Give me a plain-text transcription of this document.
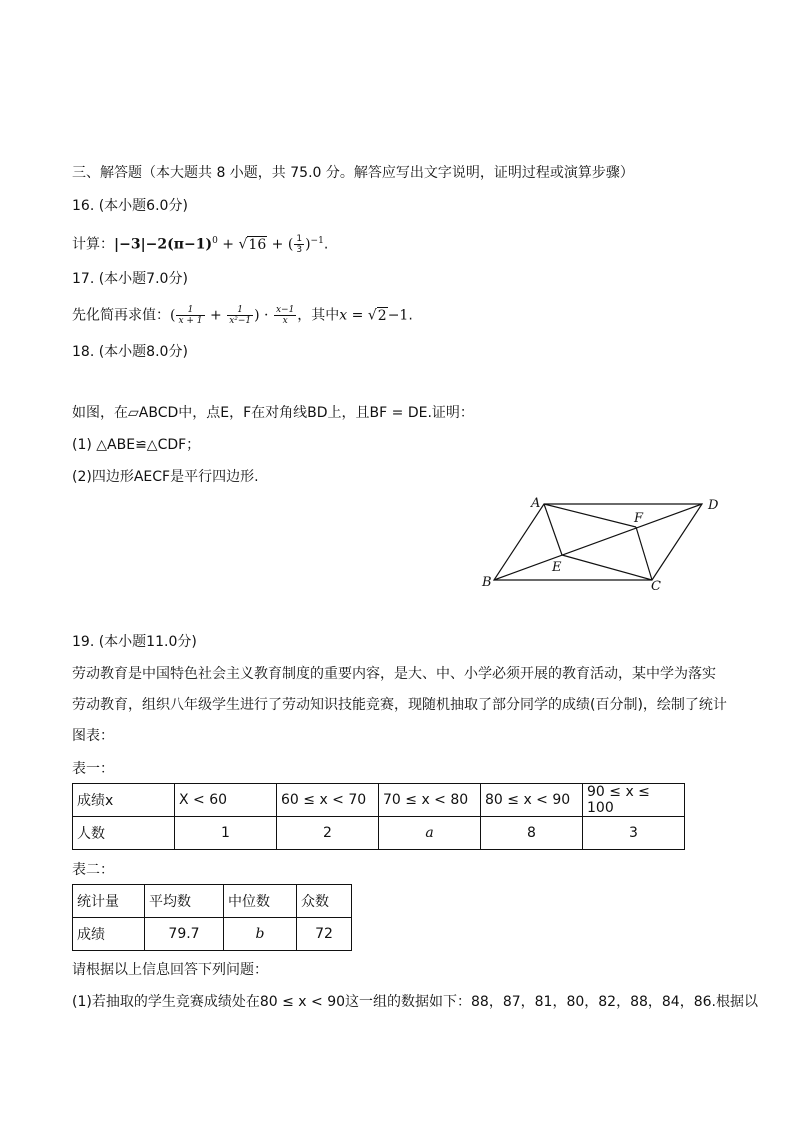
三、解答题（本大题共 8 小题，共 75.0 分。解答应写出文字说明，证明过程或演算步骤）
16. (本小题6.0分)
计算：$|-3|-2(\pi-1)^0 + √16$ + ( $\frac{1}{3} )^{-1}$.
17. (本小题7.0分)
先化简再求值：( $\frac{1}{x + 1} + \frac{1}{\text{x²−1}}$ ) · $\frac{x-1}{x}$ ，其中x = √2−1.
18. (本小题8.0分)
如图，在▱ABCD中，点E，F在对角线BD上，且BF = DE.证明：
(1) △ABE≌△CDF；
(2)四边形AECF是平行四边形.
A	D
F
E
B	C
19. (本小题11.0分)
劳动教育是中国特色社会主义教育制度的重要内容，是大、中、小学必须开展的教育活动，某中学为落实
劳动教育，组织八年级学生进行了劳动知识技能竞赛，现随机抽取了部分同学的成绩(百分制)，绘制了统计
图表：
表一：
成绩x	X < 60	60 ≤ x < 70	70 ≤ x < 80	80 ≤ x < 90	90 ≤ x ≤ 100
人数	1	2	a	8	3
表二：
统计量	平均数	中位数	众数
成绩	79.7	b	72
请根据以上信息回答下列问题：
(1)若抽取的学生竞赛成绩处在80 ≤ x < 90这一组的数据如下：88，87，81，80，82，88，84，86.根据以
